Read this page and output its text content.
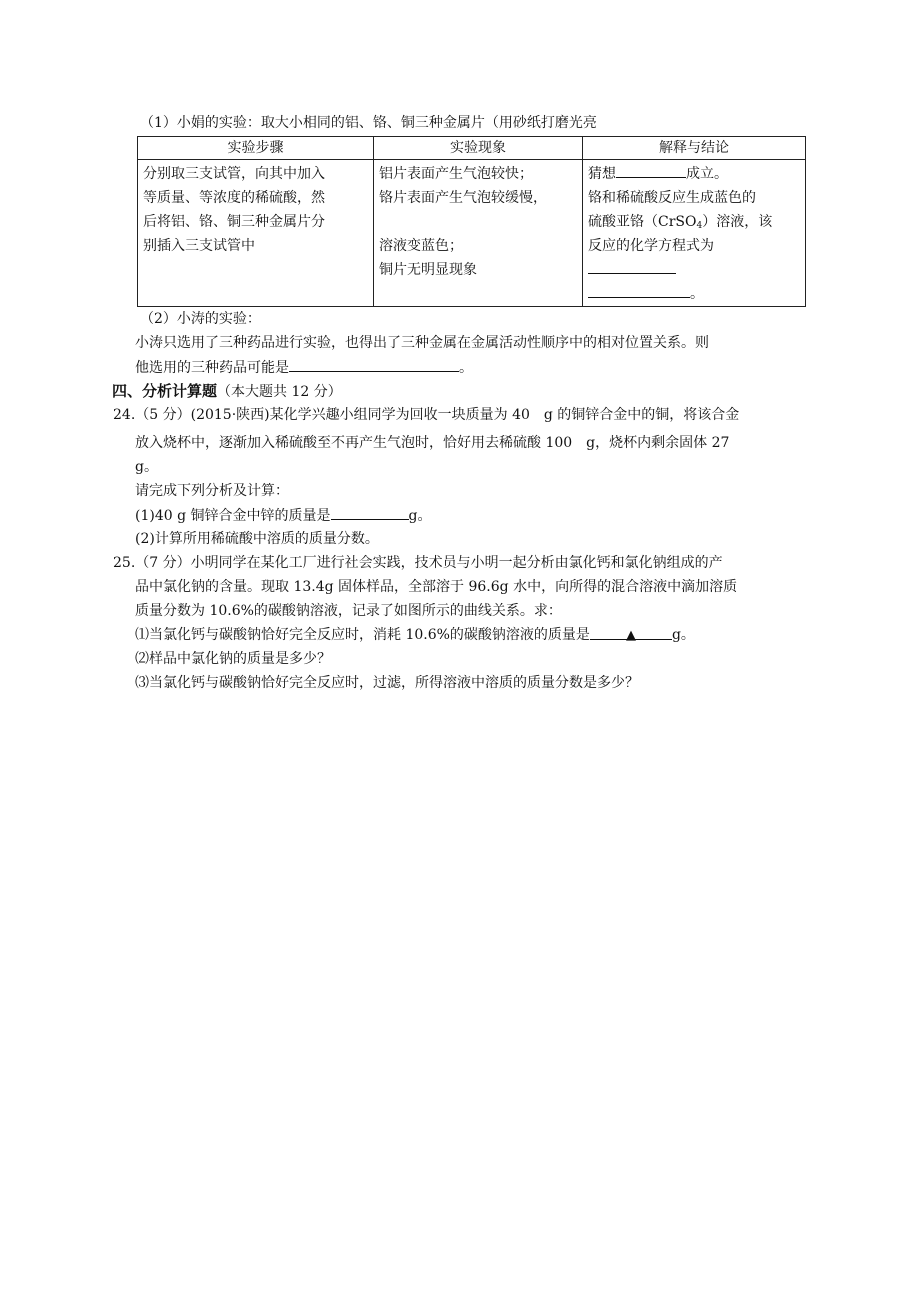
（1）小娟的实验：取大小相同的铝、铬、铜三种金属片（用砂纸打磨光亮
实验步骤	实验现象	解释与结论

分别取三支试管，向其中加入
等质量、等浓度的稀硫酸，然
后将铝、铬、铜三种金属片分
别插入三支试管中	铝片表面产生气泡较快；
铬片表面产生气泡较缓慢，
溶液变蓝色；
铜片无明显现象	猜想 成立。
铬和稀硫酸反应生成蓝色的
硫酸亚铬（CrSO$_4$）溶液，该
反应的化学方程式为
。
（2）小涛的实验：
小涛只选用了三种药品进行实验，也得出了三种金属在金属活动性顺序中的相对位置关系。则
他选用的三种药品可能是	。
四、分析计算题（本大题共 12 分）
24.（5 分）(2015·陕西)某化学兴趣小组同学为回收一块质量为 40　g 的铜锌合金中的铜，将该合金
放入烧杯中，逐渐加入稀硫酸至不再产生气泡时，恰好用去稀硫酸 100　g，烧杯内剩余固体 27
g。
请完成下列分析及计算：
(1)40 g 铜锌合金中锌的质量是	g。
(2)计算所用稀硫酸中溶质的质量分数。
25.（7 分）小明同学在某化工厂进行社会实践，技术员与小明一起分析由氯化钙和氯化钠组成的产
品中氯化钠的含量。现取 13.4g 固体样品，全部溶于 96.6g 水中，向所得的混合溶液中滴加溶质
质量分数为 10.6%的碳酸钠溶液，记录了如图所示的曲线关系。求：
⑴当氯化钙与碳酸钠恰好完全反应时，消耗 10.6%的碳酸钠溶液的质量是	▲	g。
⑵样品中氯化钠的质量是多少？
⑶当氯化钙与碳酸钠恰好完全反应时，过滤，所得溶液中溶质的质量分数是多少？
